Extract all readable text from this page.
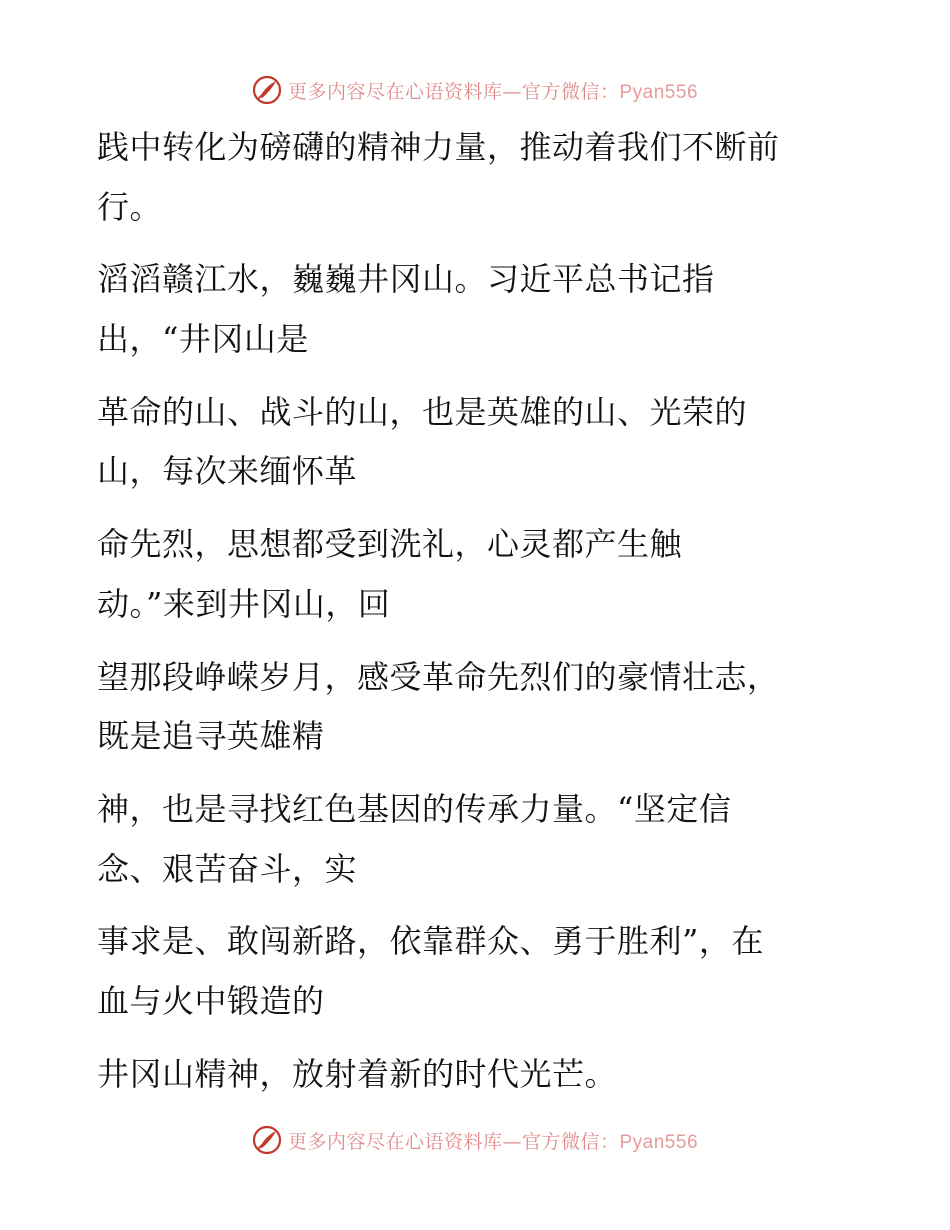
更多内容尽在心语资料库—官方微信：Pyan556
践中转化为磅礴的精神力量，推动着我们不断前
行。
滔滔赣江水，巍巍井冈山。习近平总书记指
出，“井冈山是
革命的山、战斗的山，也是英雄的山、光荣的
山，每次来缅怀革
命先烈，思想都受到洗礼，心灵都产生触
动。”来到井冈山，回
望那段峥嵘岁月，感受革命先烈们的豪情壮志，
既是追寻英雄精
神，也是寻找红色基因的传承力量。“坚定信
念、艰苦奋斗，实
事求是、敢闯新路，依靠群众、勇于胜利”，在
血与火中锻造的
井冈山精神，放射着新的时代光芒。
更多内容尽在心语资料库—官方微信：Pyan556
